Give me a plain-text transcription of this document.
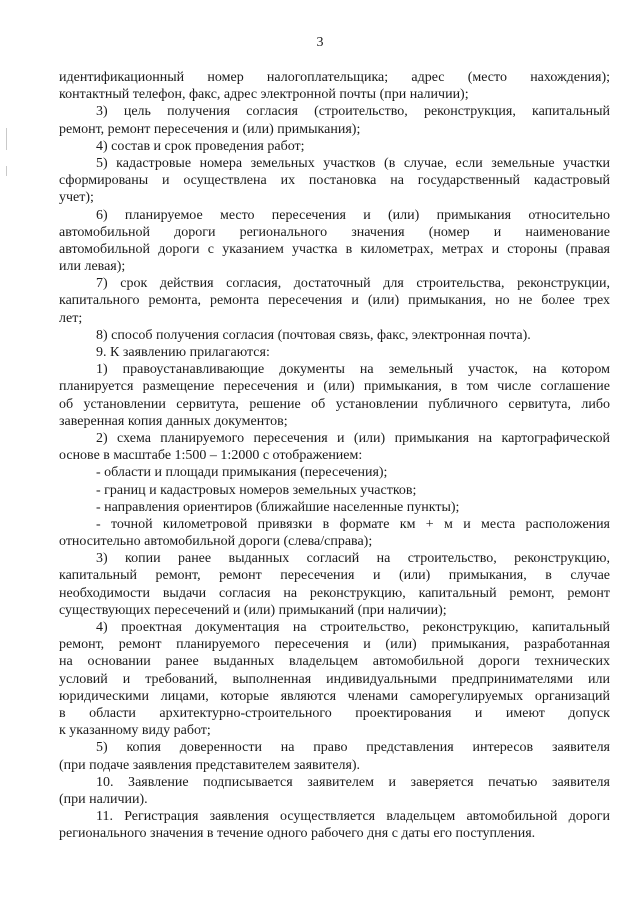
3
идентификационный номер налогоплательщика; адрес (место нахождения);
контактный телефон, факс, адрес электронной почты (при наличии);
3) цель получения согласия (строительство, реконструкция, капитальный
ремонт, ремонт пересечения и (или) примыкания);
4) состав и срок проведения работ;
5) кадастровые номера земельных участков (в случае, если земельные участки
сформированы и осуществлена их постановка на государственный кадастровый
учет);
6) планируемое место пересечения и (или) примыкания относительно
автомобильной дороги регионального значения (номер и наименование
автомобильной дороги с указанием участка в километрах, метрах и стороны (правая
или левая);
7) срок действия согласия, достаточный для строительства, реконструкции,
капитального ремонта, ремонта пересечения и (или) примыкания, но не более трех
лет;
8) способ получения согласия (почтовая связь, факс, электронная почта).
9. К заявлению прилагаются:
1) правоустанавливающие документы на земельный участок, на котором
планируется размещение пересечения и (или) примыкания, в том числе соглашение
об установлении сервитута, решение об установлении публичного сервитута, либо
заверенная копия данных документов;
2) схема планируемого пересечения и (или) примыкания на картографической
основе в масштабе 1:500 – 1:2000 с отображением:
- области и площади примыкания (пересечения);
- границ и кадастровых номеров земельных участков;
- направления ориентиров (ближайшие населенные пункты);
- точной километровой привязки в формате км + м и места расположения
относительно автомобильной дороги (слева/справа);
3) копии ранее выданных согласий на строительство, реконструкцию,
капитальный ремонт, ремонт пересечения и (или) примыкания, в случае
необходимости выдачи согласия на реконструкцию, капитальный ремонт, ремонт
существующих пересечений и (или) примыканий (при наличии);
4) проектная документация на строительство, реконструкцию, капитальный
ремонт, ремонт планируемого пересечения и (или) примыкания, разработанная
на основании ранее выданных владельцем автомобильной дороги технических
условий и требований, выполненная индивидуальными предпринимателями или
юридическими лицами, которые являются членами саморегулируемых организаций
в области архитектурно-строительного проектирования и имеют допуск
к указанному виду работ;
5) копия доверенности на право представления интересов заявителя
(при подаче заявления представителем заявителя).
10. Заявление подписывается заявителем и заверяется печатью заявителя
(при наличии).
11. Регистрация заявления осуществляется владельцем автомобильной дороги
регионального значения в течение одного рабочего дня с даты его поступления.
